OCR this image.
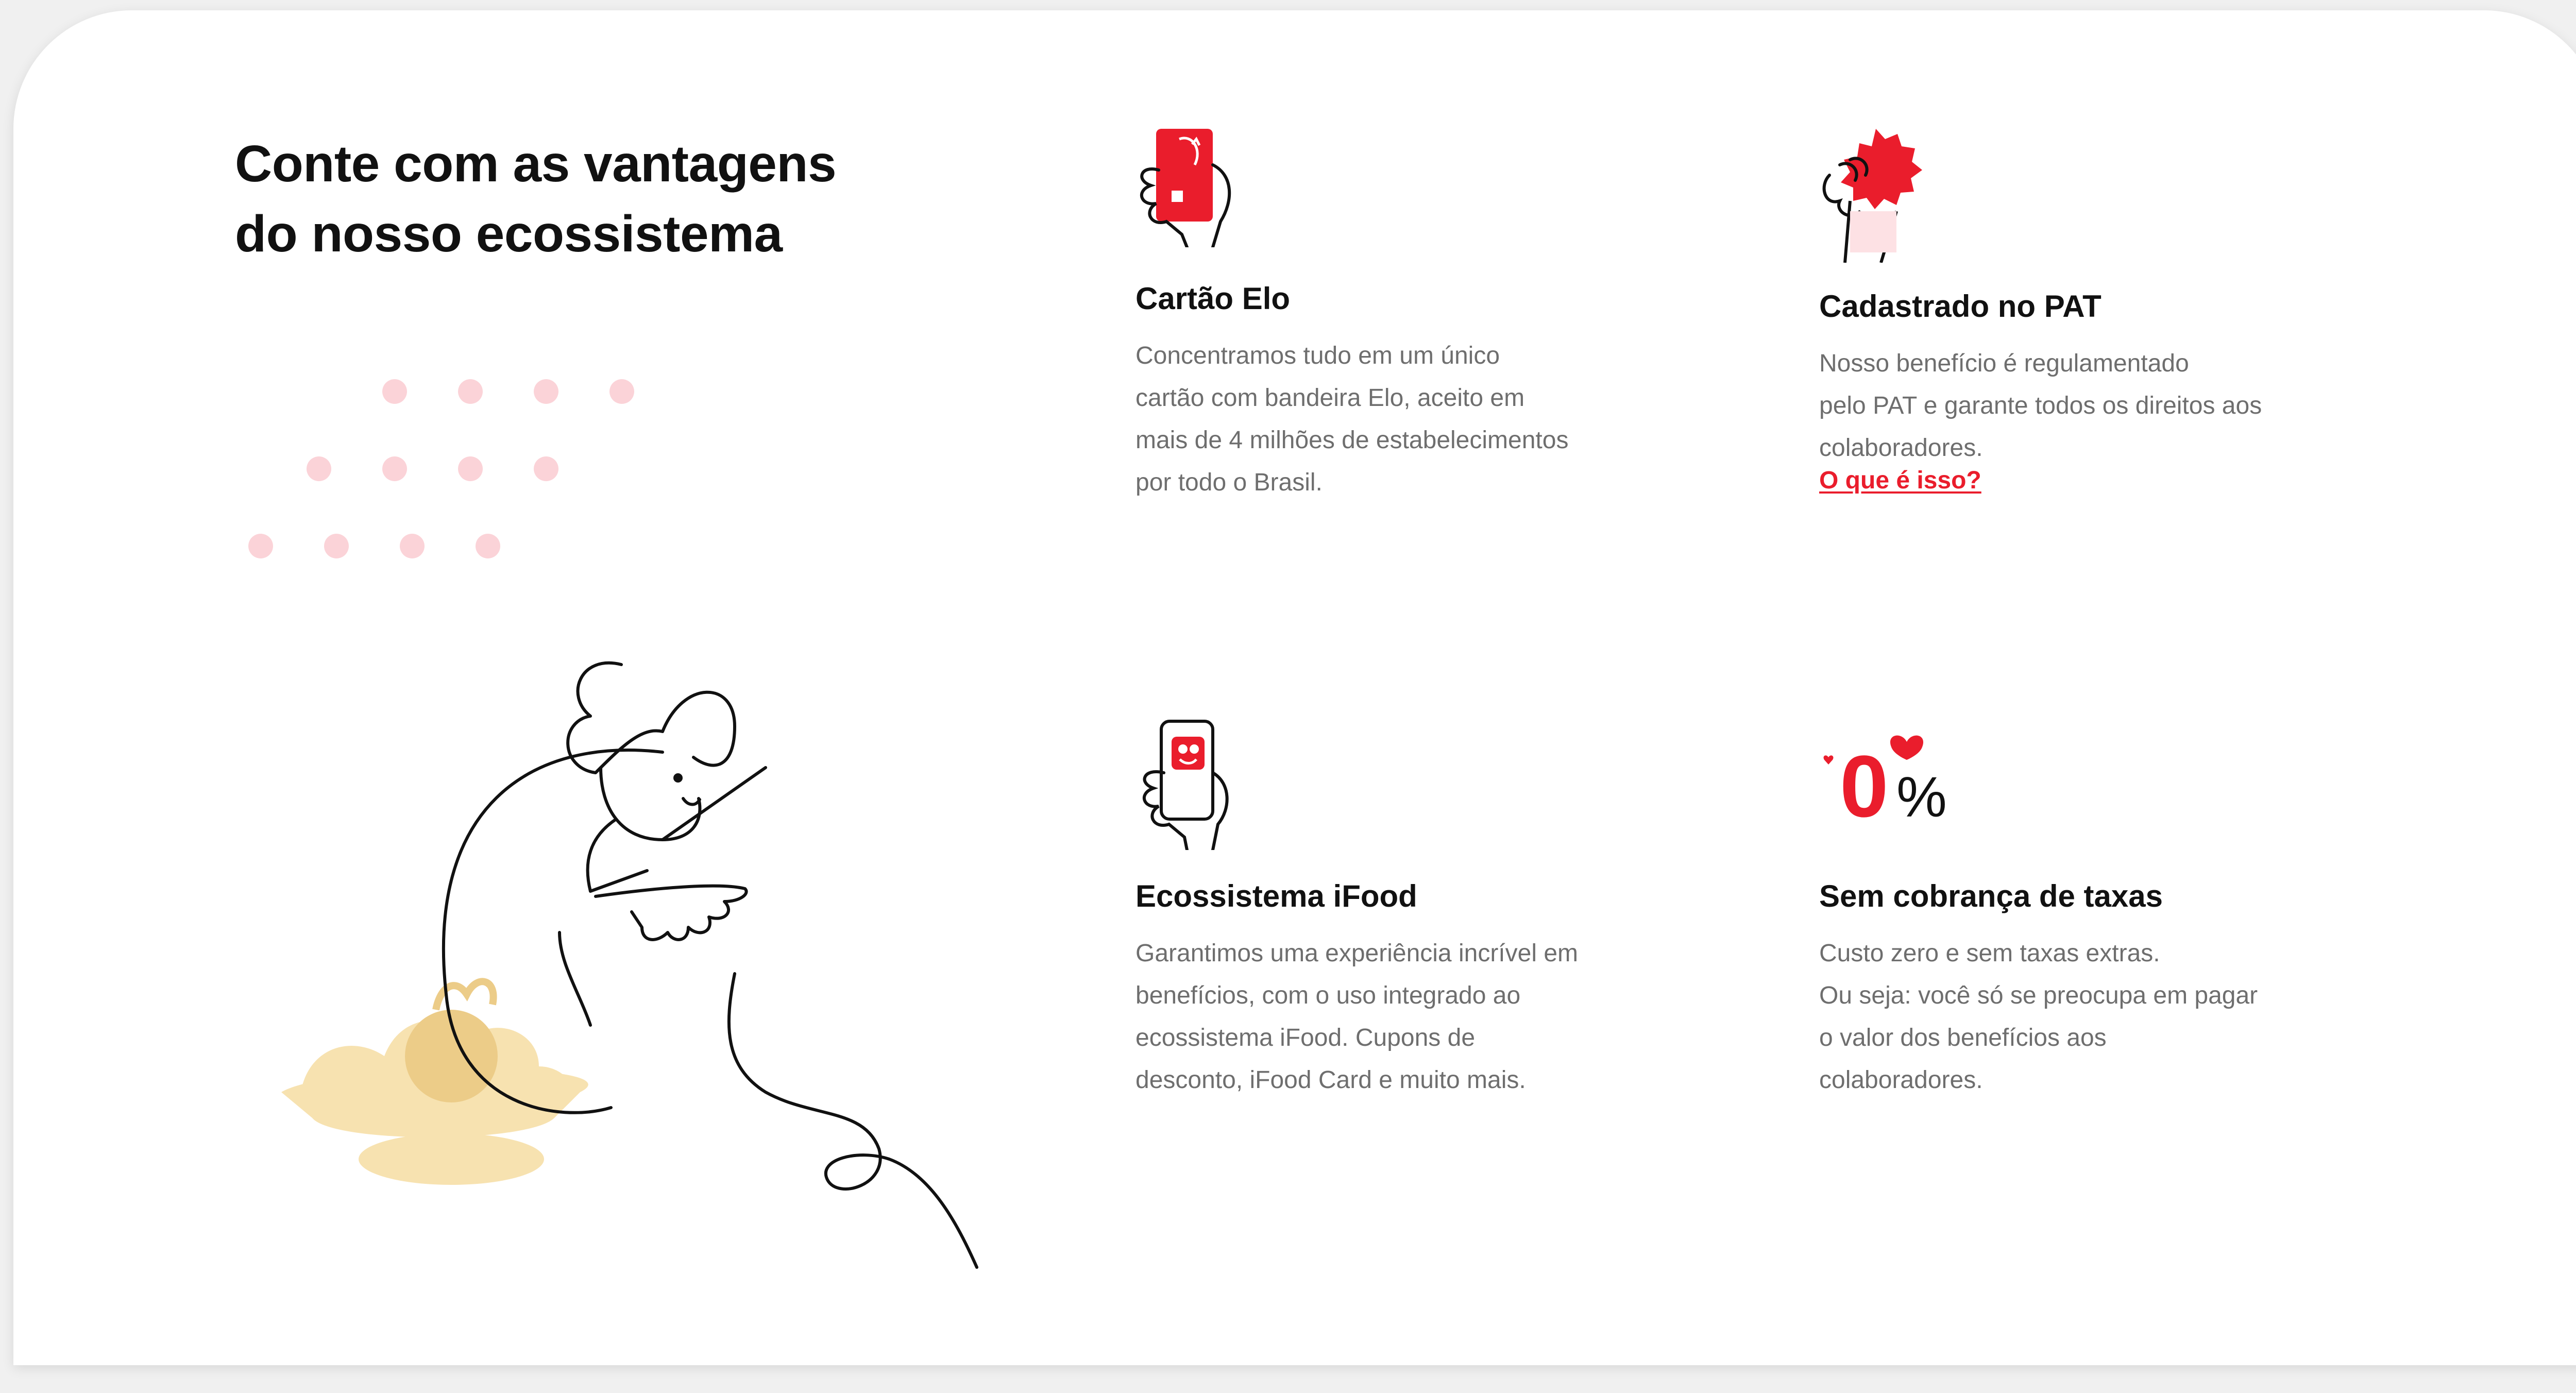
Conte com as vantagens
do nosso ecossistema
Cartão Elo

Concentramos tudo em um único
cartão com bandeira Elo, aceito em
mais de 4 milhões de estabelecimentos
por todo o Brasil.

Cadastrado no PAT

Nosso benefício é regulamentado
pelo PAT e garante todos os direitos aos
colaboradores.

O que é isso?
Ecossistema iFood

Garantimos uma experiência incrível em
benefícios, com o uso integrado ao
ecossistema iFood. Cupons de
desconto, iFood Card e muito mais.

0 %
Sem cobrança de taxas

Custo zero e sem taxas extras.
Ou seja: você só se preocupa em pagar
o valor dos benefícios aos
colaboradores.
